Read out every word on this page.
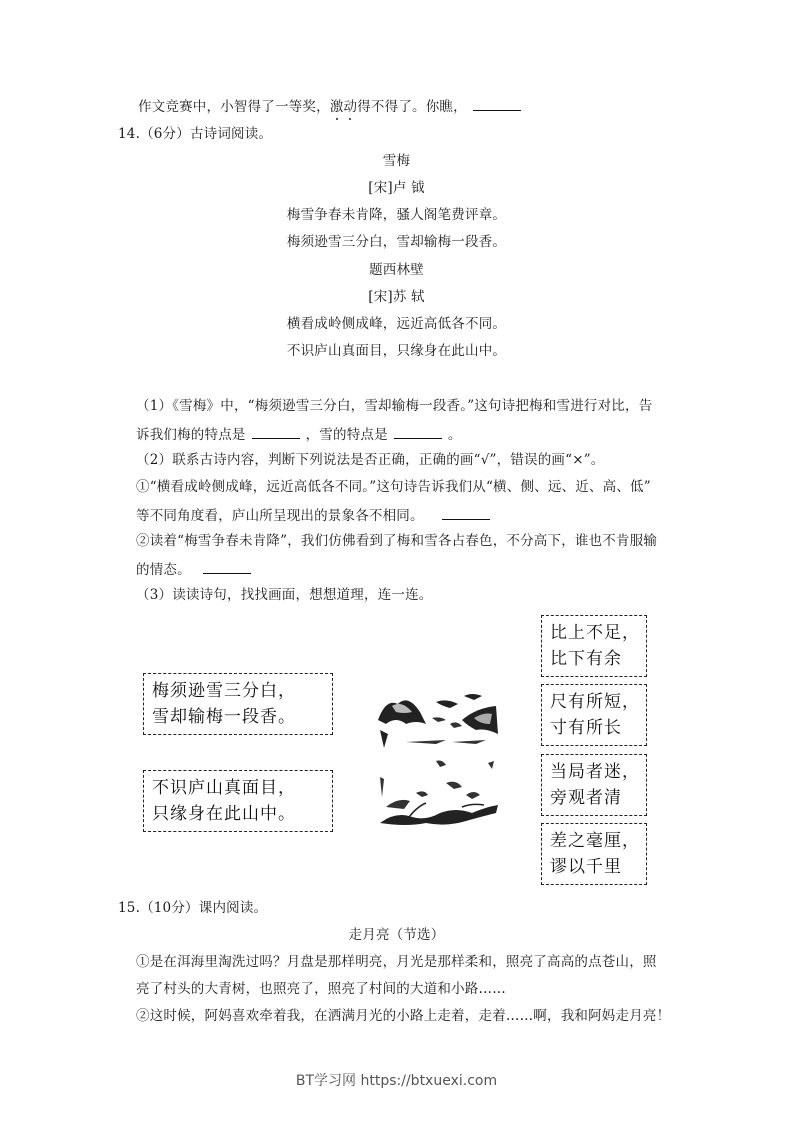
作文竞赛中，小智得了一等奖，激动得不得了。你瞧，
14.（6分）古诗词阅读。
雪梅
[宋]卢 钺
梅雪争春未肯降，骚人阁笔费评章。
梅须逊雪三分白，雪却输梅一段香。
题西林壁
[宋]苏 轼
横看成岭侧成峰，远近高低各不同。
不识庐山真面目，只缘身在此山中。
（1）《雪梅》中，“梅须逊雪三分白，雪却输梅一段香。”这句诗把梅和雪进行对比，告
诉我们梅的特点是	，雪的特点是	。
（2）联系古诗内容，判断下列说法是否正确，正确的画“√”，错误的画“×”。
①“横看成岭侧成峰，远近高低各不同。”这句诗告诉我们从“横、侧、远、近、高、低”
等不同角度看，庐山所呈现出的景象各不相同。
②读着“梅雪争春未肯降”，我们仿佛看到了梅和雪各占春色，不分高下，谁也不肯服输
的情态。
（3）读读诗句，找找画面，想想道理，连一连。
梅须逊雪三分白，
雪却输梅一段香。
不识庐山真面目，
只缘身在此山中。
比上不足，
比下有余
尺有所短，
寸有所长
当局者迷，
旁观者清
差之毫厘，
谬以千里
15.（10分）课内阅读。
走月亮（节选）
①是在洱海里淘洗过吗？月盘是那样明亮，月光是那样柔和，照亮了高高的点苍山，照
亮了村头的大青树，也照亮了，照亮了村间的大道和小路……
②这时候，阿妈喜欢牵着我，在洒满月光的小路上走着，走着……啊，我和阿妈走月亮！
BT学习网 https://btxuexi.com
